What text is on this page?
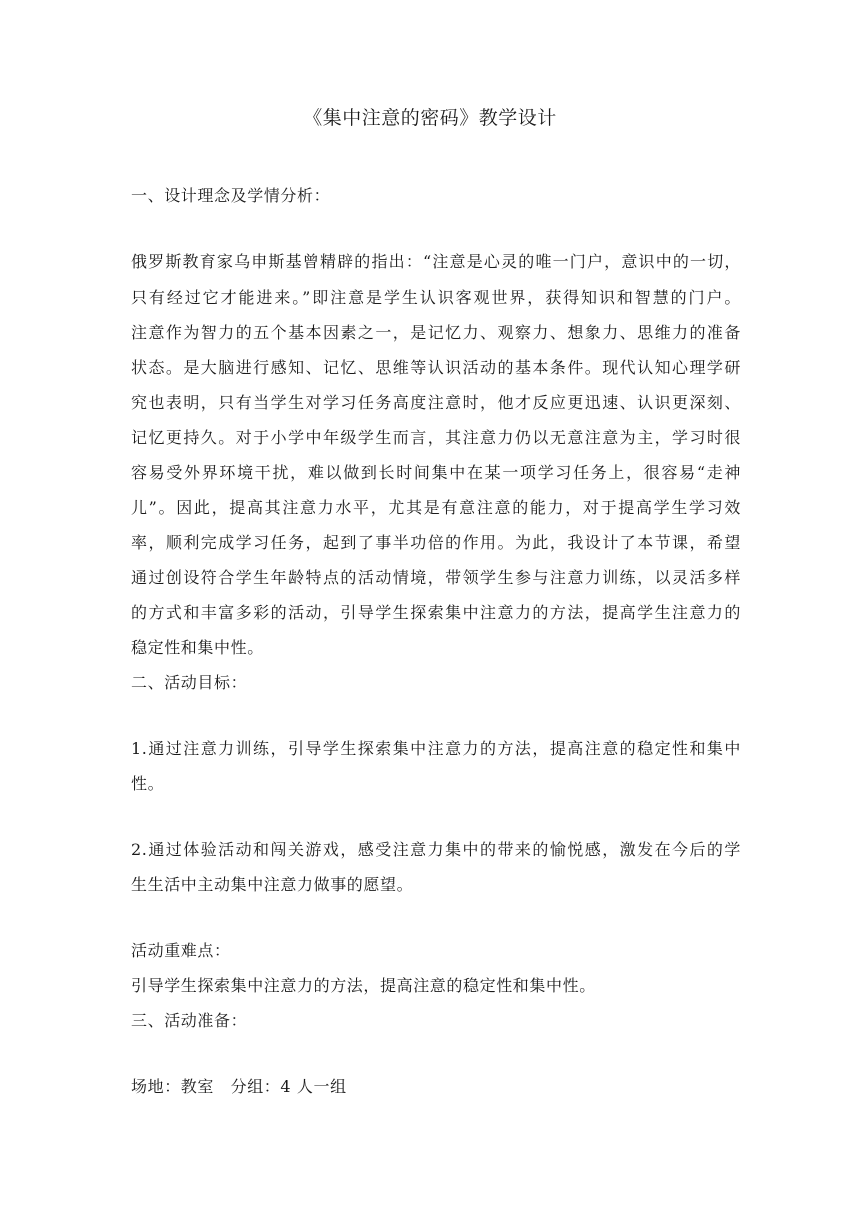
《集中注意的密码》教学设计
一、设计理念及学情分析：
俄罗斯教育家乌申斯基曾精辟的指出：“注意是心灵的唯一门户，意识中的一切，
只有经过它才能进来。”即注意是学生认识客观世界，获得知识和智慧的门户。
注意作为智力的五个基本因素之一，是记忆力、观察力、想象力、思维力的准备
状态。是大脑进行感知、记忆、思维等认识活动的基本条件。现代认知心理学研
究也表明，只有当学生对学习任务高度注意时，他才反应更迅速、认识更深刻、
记忆更持久。对于小学中年级学生而言，其注意力仍以无意注意为主，学习时很
容易受外界环境干扰，难以做到长时间集中在某一项学习任务上，很容易“走神
儿”。因此，提高其注意力水平，尤其是有意注意的能力，对于提高学生学习效
率，顺利完成学习任务，起到了事半功倍的作用。为此，我设计了本节课，希望
通过创设符合学生年龄特点的活动情境，带领学生参与注意力训练，以灵活多样
的方式和丰富多彩的活动，引导学生探索集中注意力的方法，提高学生注意力的
稳定性和集中性。
二、活动目标：
1.通过注意力训练，引导学生探索集中注意力的方法，提高注意的稳定性和集中
性。
2.通过体验活动和闯关游戏，感受注意力集中的带来的愉悦感，激发在今后的学
生生活中主动集中注意力做事的愿望。
活动重难点：
引导学生探索集中注意力的方法，提高注意的稳定性和集中性。
三、活动准备：
场地：教室　分组：4 人一组
